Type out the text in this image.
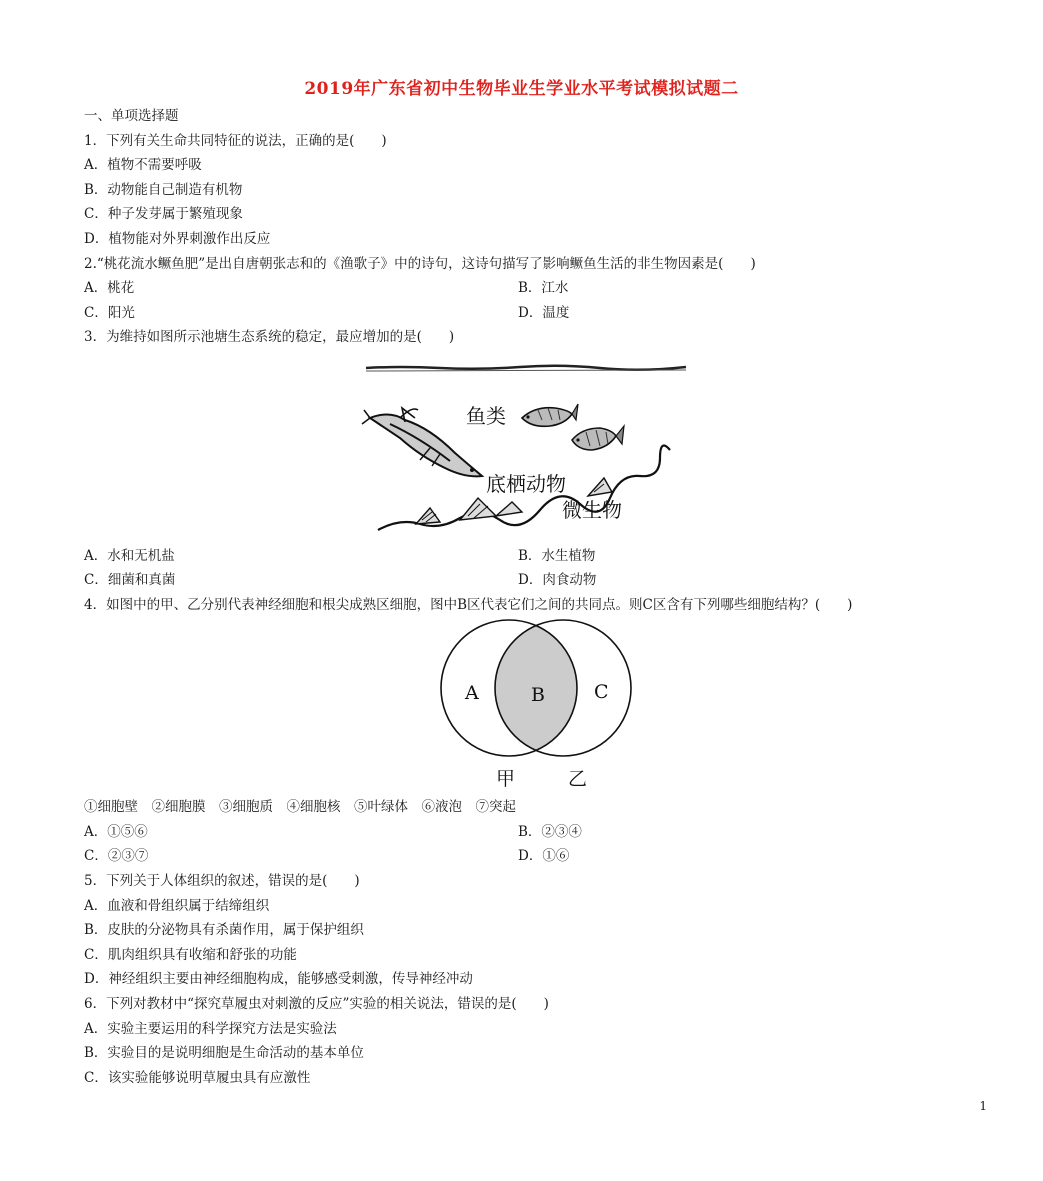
2019年广东省初中生物毕业生学业水平考试模拟试题二
一、单项选择题
1．下列有关生命共同特征的说法，正确的是(　　)
A．植物不需要呼吸
B．动物能自己制造有机物
C．种子发芽属于繁殖现象
D．植物能对外界刺激作出反应
2.“桃花流水鳜鱼肥”是出自唐朝张志和的《渔歌子》中的诗句，这诗句描写了影响鳜鱼生活的非生物因素是(　　)
A．桃花	B．江水
C．阳光	D．温度
3．为维持如图所示池塘生态系统的稳定，最应增加的是(　　)
鱼类
底栖动物
微生物
A．水和无机盐	B．水生植物
C．细菌和真菌	D．肉食动物
4．如图中的甲、乙分别代表神经细胞和根尖成熟区细胞，图中B区代表它们之间的共同点。则C区含有下列哪些细胞结构？(　　)
A	B	C
甲	乙
①细胞壁　②细胞膜　③细胞质　④细胞核　⑤叶绿体　⑥液泡　⑦突起
A．①⑤⑥	B．②③④
C．②③⑦	D．①⑥
5．下列关于人体组织的叙述，错误的是(　　)
A．血液和骨组织属于结缔组织
B．皮肤的分泌物具有杀菌作用，属于保护组织
C．肌肉组织具有收缩和舒张的功能
D．神经组织主要由神经细胞构成，能够感受刺激，传导神经冲动
6．下列对教材中“探究草履虫对刺激的反应”实验的相关说法，错误的是(　　)
A．实验主要运用的科学探究方法是实验法
B．实验目的是说明细胞是生命活动的基本单位
C．该实验能够说明草履虫具有应激性
1
